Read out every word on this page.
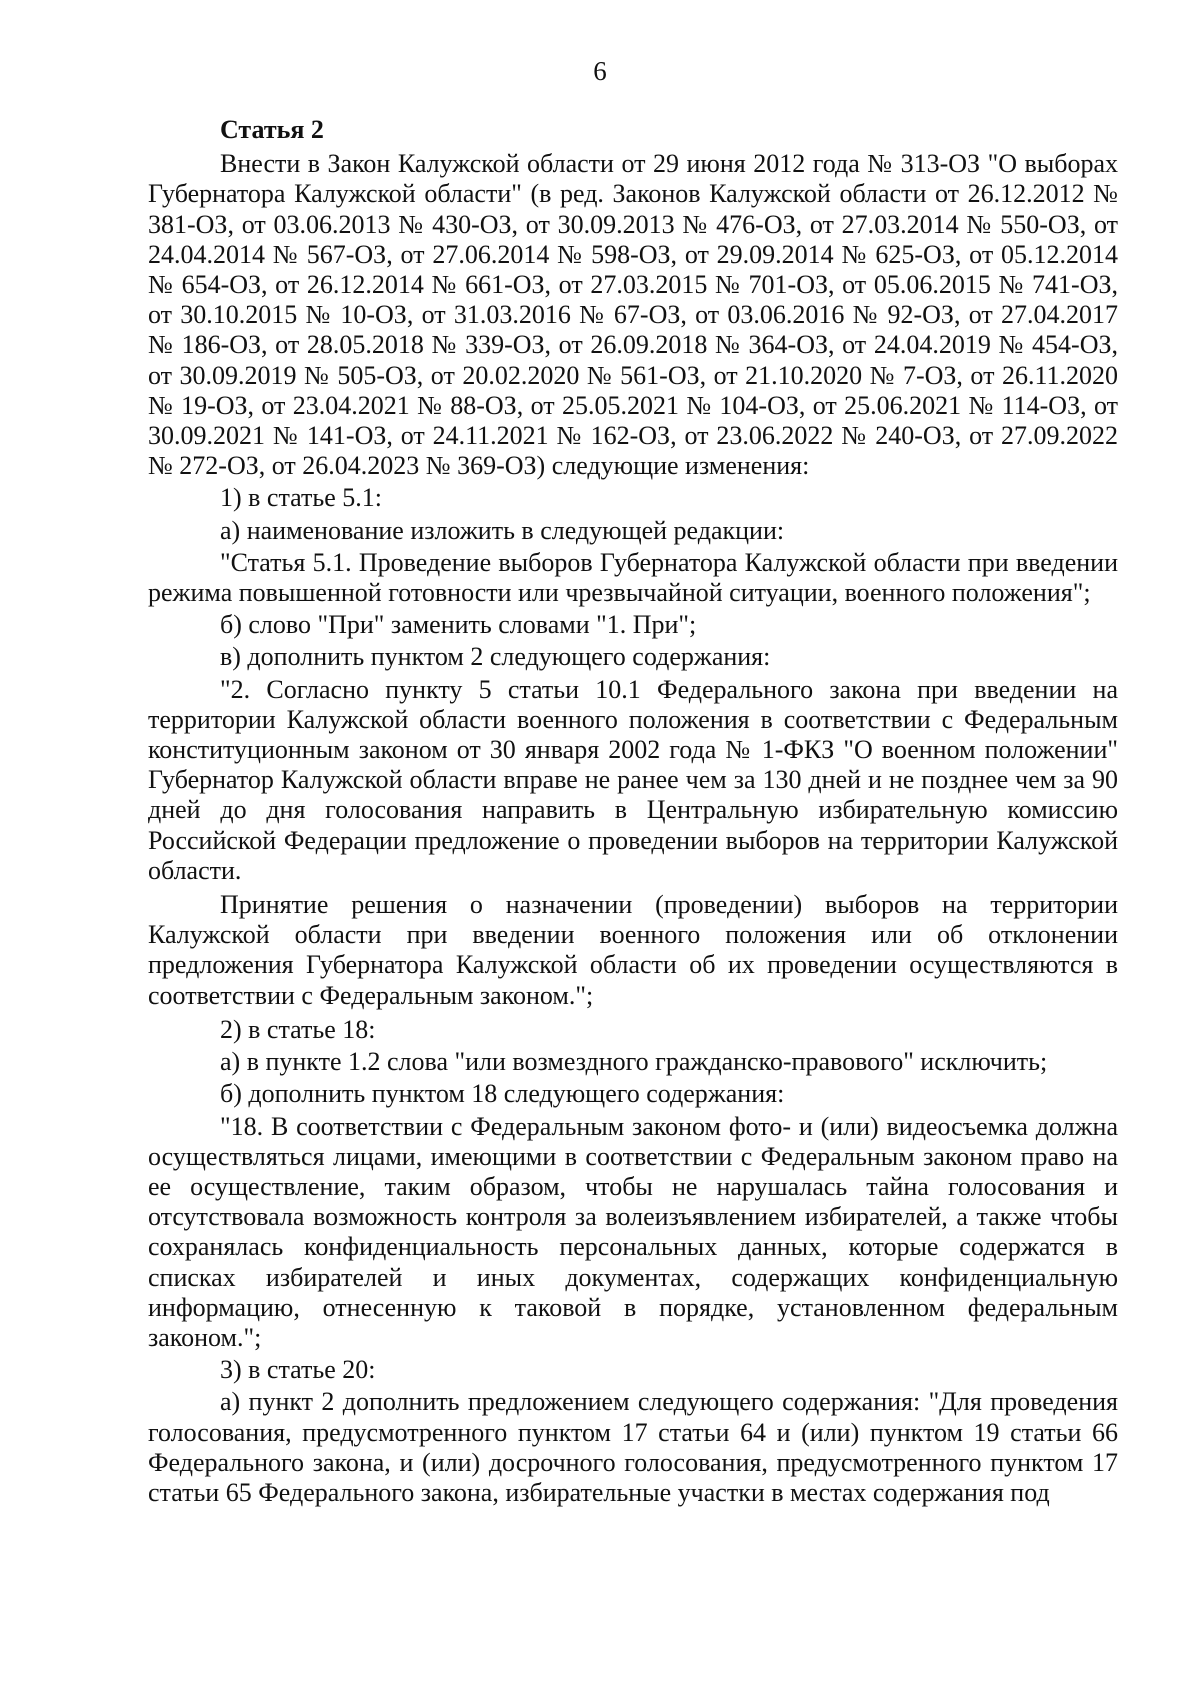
6

Статья 2

Внести в Закон Калужской области от 29 июня 2012 года № 313-ОЗ "О выборах Губернатора Калужской области" (в ред. Законов Калужской области от 26.12.2012 № 381-ОЗ, от 03.06.2013 № 430-ОЗ, от 30.09.2013 № 476-ОЗ, от 27.03.2014 № 550-ОЗ, от 24.04.2014 № 567-ОЗ, от 27.06.2014 № 598-ОЗ, от 29.09.2014 № 625-ОЗ, от 05.12.2014 № 654-ОЗ, от 26.12.2014 № 661-ОЗ, от 27.03.2015 № 701-ОЗ, от 05.06.2015 № 741-ОЗ, от 30.10.2015 № 10-ОЗ, от 31.03.2016 № 67-ОЗ, от 03.06.2016 № 92-ОЗ, от 27.04.2017 № 186-ОЗ, от 28.05.2018 № 339-ОЗ, от 26.09.2018 № 364-ОЗ, от 24.04.2019 № 454-ОЗ, от 30.09.2019 № 505-ОЗ, от 20.02.2020 № 561-ОЗ, от 21.10.2020 № 7-ОЗ, от 26.11.2020 № 19-ОЗ, от 23.04.2021 № 88-ОЗ, от 25.05.2021 № 104-ОЗ, от 25.06.2021 № 114-ОЗ, от 30.09.2021 № 141-ОЗ, от 24.11.2021 № 162-ОЗ, от 23.06.2022 № 240-ОЗ, от 27.09.2022 № 272-ОЗ, от 26.04.2023 № 369-ОЗ) следующие изменения:

1) в статье 5.1:

а) наименование изложить в следующей редакции:

"Статья 5.1. Проведение выборов Губернатора Калужской области при введении режима повышенной готовности или чрезвычайной ситуации, военного положения";

б) слово "При" заменить словами "1. При";

в) дополнить пунктом 2 следующего содержания:

"2. Согласно пункту 5 статьи 10.1 Федерального закона при введении на территории Калужской области военного положения в соответствии с Федеральным конституционным законом от 30 января 2002 года № 1-ФКЗ "О военном положении" Губернатор Калужской области вправе не ранее чем за 130 дней и не позднее чем за 90 дней до дня голосования направить в Центральную избирательную комиссию Российской Федерации предложение о проведении выборов на территории Калужской области.

Принятие решения о назначении (проведении) выборов на территории Калужской области при введении военного положения или об отклонении предложения Губернатора Калужской области об их проведении осуществляются в соответствии с Федеральным законом.";

2) в статье 18:

а) в пункте 1.2 слова "или возмездного гражданско-правового" исключить;

б) дополнить пунктом 18 следующего содержания:

"18. В соответствии с Федеральным законом фото- и (или) видеосъемка должна осуществляться лицами, имеющими в соответствии с Федеральным законом право на ее осуществление, таким образом, чтобы не нарушалась тайна голосования и отсутствовала возможность контроля за волеизъявлением избирателей, а также чтобы сохранялась конфиденциальность персональных данных, которые содержатся в списках избирателей и иных документах, содержащих конфиденциальную информацию, отнесенную к таковой в порядке, установленном федеральным законом.";

3) в статье 20:

а) пункт 2 дополнить предложением следующего содержания: "Для проведения голосования, предусмотренного пунктом 17 статьи 64 и (или) пунктом 19 статьи 66 Федерального закона, и (или) досрочного голосования, предусмотренного пунктом 17 статьи 65 Федерального закона, избирательные участки в местах содержания под
